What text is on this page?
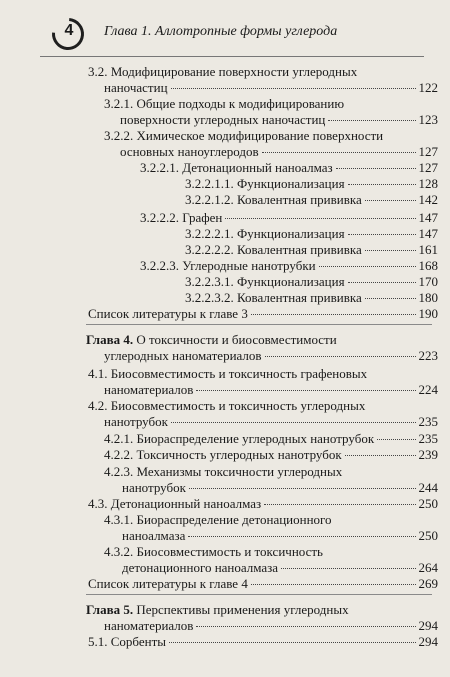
4	Глава 1. Аллотропные формы углерода
3.2. Модифицирование поверхности углеродных
наночастиц	122
3.2.1. Общие подходы к модифицированию
поверхности углеродных наночастиц	123
3.2.2. Химическое модифицирование поверхности
основных наноуглеродов	127
3.2.2.1. Детонационный наноалмаз	127
3.2.2.1.1. Функционализация	128
3.2.2.1.2. Ковалентная прививка	142
3.2.2.2. Графен	147
3.2.2.2.1. Функционализация	147
3.2.2.2.2. Ковалентная прививка	161
3.2.2.3. Углеродные нанотрубки	168
3.2.2.3.1. Функционализация	170
3.2.2.3.2. Ковалентная прививка	180
Список литературы к главе 3	190
Глава 4. О токсичности и биосовместимости
углеродных наноматериалов	223
4.1. Биосовместимость и токсичность графеновых
наноматериалов	224
4.2. Биосовместимость и токсичность углеродных
нанотрубок	235
4.2.1. Биораспределение углеродных нанотрубок	235
4.2.2. Токсичность углеродных нанотрубок	239
4.2.3. Механизмы токсичности углеродных
нанотрубок	244
4.3. Детонационный наноалмаз	250
4.3.1. Биораспределение детонационного
наноалмаза	250
4.3.2. Биосовместимость и токсичность
детонационного наноалмаза	264
Список литературы к главе 4	269
Глава 5. Перспективы применения углеродных
наноматериалов	294
5.1. Сорбенты	294
